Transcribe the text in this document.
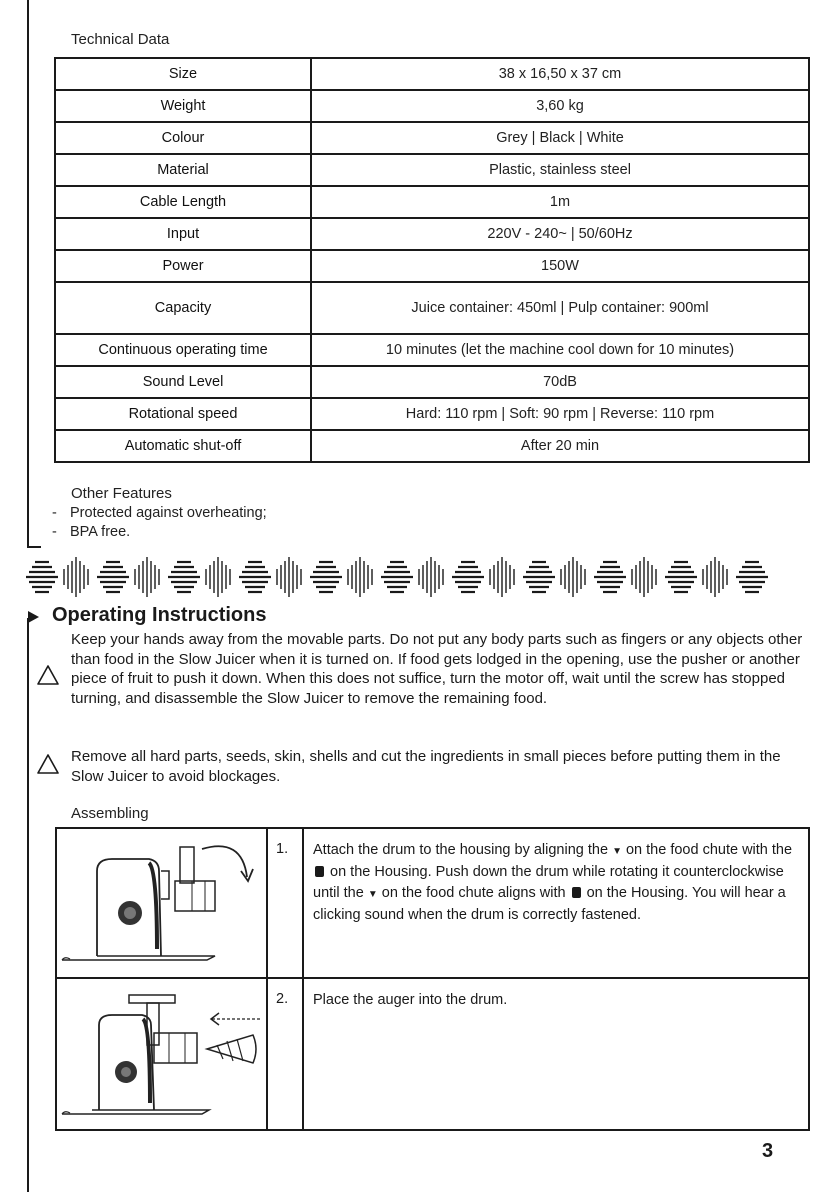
Technical Data
Size	38 x 16,50 x 37 cm
Weight	3,60 kg
Colour	Grey | Black | White
Material	Plastic, stainless steel
Cable Length	1m
Input	220V - 240~ | 50/60Hz
Power	150W
Capacity	Juice container: 450ml | Pulp container: 900ml
Continuous operating time	10 minutes (let the machine cool down for 10 minutes)
Sound Level	70dB
Rotational speed	Hard: 110 rpm | Soft: 90 rpm | Reverse: 110 rpm
Automatic shut-off	After 20 min
Other Features
- Protected against overheating;
- BPA free.
Operating Instructions
Keep your hands away from the movable parts. Do not put any body parts such as fingers or any objects other than food in the Slow Juicer when it is turned on. If food gets lodged in the opening, use the pusher or another piece of fruit to push it down. When this does not suffice, turn the motor off, wait until the screw has stopped turning, and disassemble the Slow Juicer to remove the remaining food.
Remove all hard parts, seeds, skin, shells and cut the ingredients in small pieces before putting them in the Slow Juicer to avoid blockages.
Assembling
	1.	Attach the drum to the housing by aligning the ▼ on the food chute with the on the Housing. Push down the drum while rotating it counterclockwise until the ▼ on the food chute aligns with  on the Housing. You will hear a clicking sound when the drum is correctly fastened.
	2.	Place the auger into the drum.
3
